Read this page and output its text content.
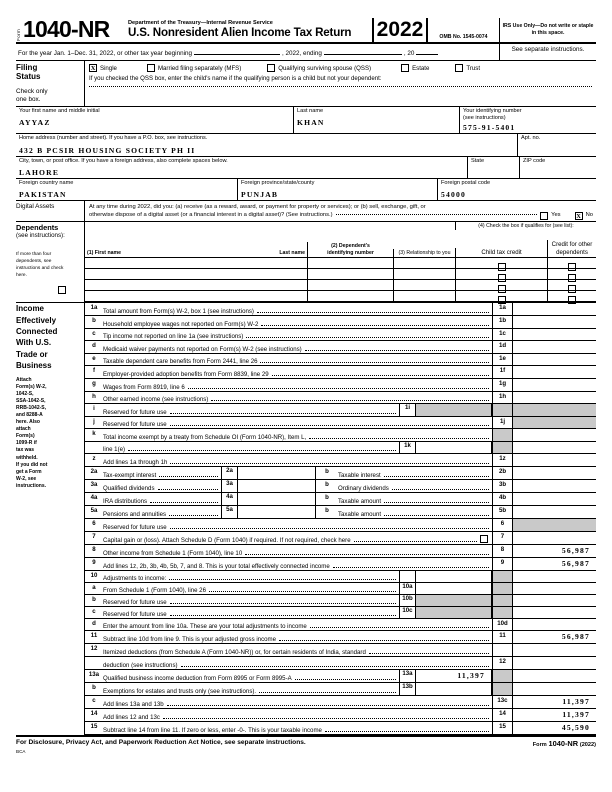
Form 1040-NR	Department of the Treasury—Internal Revenue Service
U.S. Nonresident Alien Income Tax Return	2022	OMB No. 1545-0074
IRS Use Only—Do not write or staple in this space.
For the year Jan. 1–Dec. 31, 2022, or other tax year beginning	, 2022, ending	, 20
See separate instructions.
Filing
Status
Check only
one box.
X Single	Married filing separately (MFS)	Qualifying surviving spouse (QSS)	Estate	Trust
If you checked the QSS box, enter the child's name if the qualifying person is a child but not your dependent:
Your first name and middle initial
AYYAZ
Last name
KHAN
Your identifying number
(see instructions)
575-91-5401
Home address (number and street). If you have a P.O. box, see instructions.
432 B PCSIR HOUSING SOCIETY PH II
Apt. no.
City, town, or post office. If you have a foreign address, also complete spaces below.
LAHORE
State	ZIP code
Foreign country name
PAKISTAN
Foreign province/state/county
PUNJAB
Foreign postal code
54000
Digital Assets	At any time during 2022, did you: (a) receive (as a reward, award, or payment for property or services); or (b) sell, exchange, gift, or
otherwise dispose of a digital asset (or a financial interest in a digital asset)? (See instructions.)	Yes X No
Dependents
(see instructions):
If more than four dependents, see instructions and check here.
(4) Check the box if qualifies for (see list):
(1) First name	Last name
(2) Dependent's
identifying number	(3) Relationship to you	Child tax credit
Credit for other
dependents
Income
Effectively
Connected
With U.S.
Trade or
Business
Attach
Form(s) W-2,
1042-S,
SSA-1042-S,
RRB-1042-S,
and 8288-A
here. Also
attach
Form(s)
1099-R if
tax was
withheld.
If you did not
get a Form
W-2, see
instructions.
1a
Total amount from Form(s) W-2, box 1 (see instructions)
1a
b
Household employee wages not reported on Form(s) W-2
1b
c
Tip income not reported on line 1a (see instructions)
1c
d
Medicaid waiver payments not reported on Form(s) W-2 (see instructions)
1d
e
Taxable dependent care benefits from Form 2441, line 26
1e
f
Employer-provided adoption benefits from Form 8839, line 29
1f
g
Wages from Form 8919, line 6
1g
h
Other earned income (see instructions)
1h
i
Reserved for future use
1i
j
Reserved for future use
1j
k
Total income exempt by a treaty from Schedule OI (Form 1040-NR), Item L,
line 1(e)
1k
z
Add lines 1a through 1h
1z
2a
Tax-exempt interest
2a	b
Taxable interest
2b
3a
Qualified dividends
3a	b
Ordinary dividends
3b
4a
IRA distributions
4a	b
Taxable amount
4b
5a
Pensions and annuities
5a	b
Taxable amount
5b
6
Reserved for future use
6
7
Capital gain or (loss). Attach Schedule D (Form 1040) if required. If not required, check here
7
8
Other income from Schedule 1 (Form 1040), line 10
8	56,987
9
Add lines 1z, 2b, 3b, 4b, 5b, 7, and 8. This is your total effectively connected income
9	56,987
10 Adjustments to income:
a	From Schedule 1 (Form 1040), line 26
10a
b	Reserved for future use
10b
c	Reserved for future use
10c
d	Enter the amount from line 10a. These are your total adjustments to income	10d
11
Subtract line 10d from line 9. This is your adjusted gross income
11	56,987
12
Itemized deductions (from Schedule A (Form 1040-NR)) or, for certain residents of India, standard
deduction (see instructions)
12
13a
Qualified business income deduction from Form 8995 or Form 8995-A
13a	11,397
b
Exemptions for estates and trusts only (see instructions).
13b
c
Add lines 13a and 13b
13c	11,397
14
Add lines 12 and 13c
14	11,397
15
Subtract line 14 from line 11. If zero or less, enter -0-. This is your taxable income
15	45,590
For Disclosure, Privacy Act, and Paperwork Reduction Act Notice, see separate instructions.	Form 1040-NR (2022)
BCA
